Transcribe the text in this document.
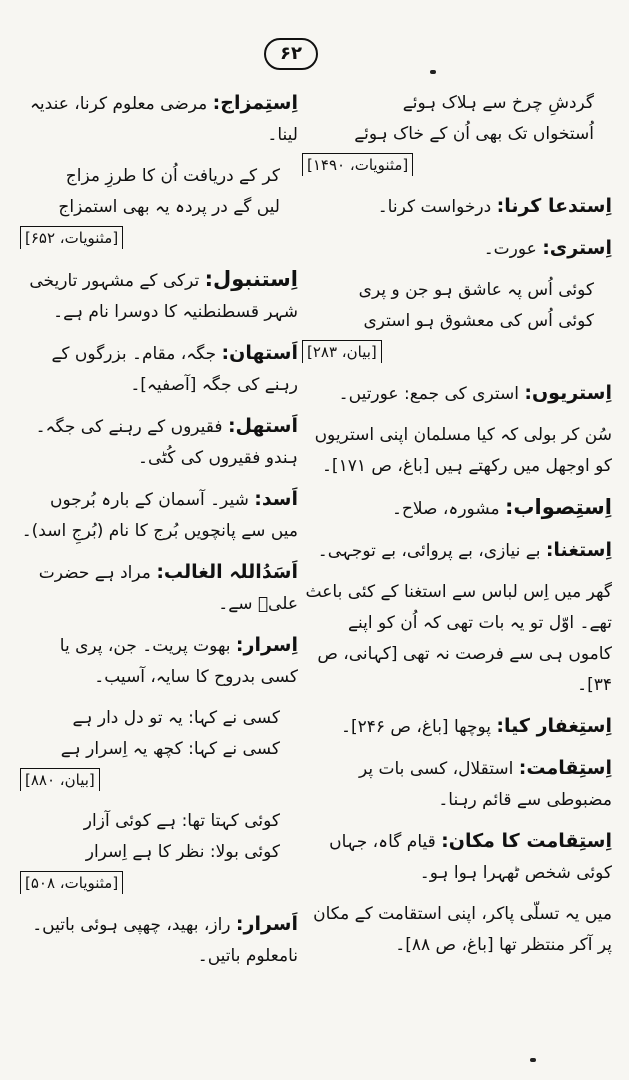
۶۲
گردشِ چرخ سے ہلاک ہوئے
اُستخواں تک بھی اُن کے خاک ہوئے
[مثنویات، ۱۴۹۰]
اِستدعا کرنا: درخواست کرنا۔
اِستری: عورت۔
کوئی اُس پہ عاشق ہو جن و پری
کوئی اُس کی معشوق ہو استری
[بیان، ۲۸۳]
اِستریوں: استری کی جمع: عورتیں۔
سُن کر بولی کہ کیا مسلمان اپنی استریوں کو اوجھل میں رکھتے ہیں [باغ، ص ۱۷۱]۔
اِستِصواب: مشورہ، صلاح۔
اِستغنا: بے نیازی، بے پروائی، بے توجہی۔
گھر میں اِس لباس سے استغنا کے کئی باعث تھے۔ اوّل تو یہ بات تھی کہ اُن کو اپنے کاموں ہی سے فرصت نہ تھی [کہانی، ص ۳۴]۔
اِستِغفار کیا: پوچھا [باغ، ص ۲۴۶]۔
اِستِقامت: استقلال، کسی بات پر مضبوطی سے قائم رہنا۔
اِستِقامت کا مکان: قیام گاہ، جہاں کوئی شخص ٹھہرا ہوا ہو۔
میں یہ تسلّی پاکر، اپنی استقامت کے مکان پر آکر منتظر تھا [باغ، ص ۸۸]۔
اِستِمزاج: مرضی معلوم کرنا، عندیہ لینا۔
کر کے دریافت اُن کا طرزِ مزاج
لیں گے در پردہ یہ بھی استمزاج
[مثنویات، ۶۵۲]
اِستنبول: ترکی کے مشہور تاریخی شہر قسطنطنیہ کا دوسرا نام ہے۔
اَستھان: جگہ، مقام۔ بزرگوں کے رہنے کی جگہ [آصفیہ]۔
اَستھل: فقیروں کے رہنے کی جگہ۔ ہندو فقیروں کی کُٹی۔
اَسد: شیر۔ آسمان کے بارہ بُرجوں میں سے پانچویں بُرج کا نام (بُرجِ اسد)۔
اَسَدُاللہ الغالب: مراد ہے حضرت علیؓ سے۔
اِسرار: بھوت پریت۔ جن، پری یا کسی بدروح کا سایہ، آسیب۔
کسی نے کہا: یہ تو دل دار ہے
کسی نے کہا: کچھ یہ اِسرار ہے
[بیان، ۸۸۰]
کوئی کہتا تھا: ہے کوئی آزار
کوئی بولا: نظر کا ہے اِسرار
[مثنویات، ۵۰۸]
اَسرار: راز، بھید، چھپی ہوئی باتیں۔ نامعلوم باتیں۔
